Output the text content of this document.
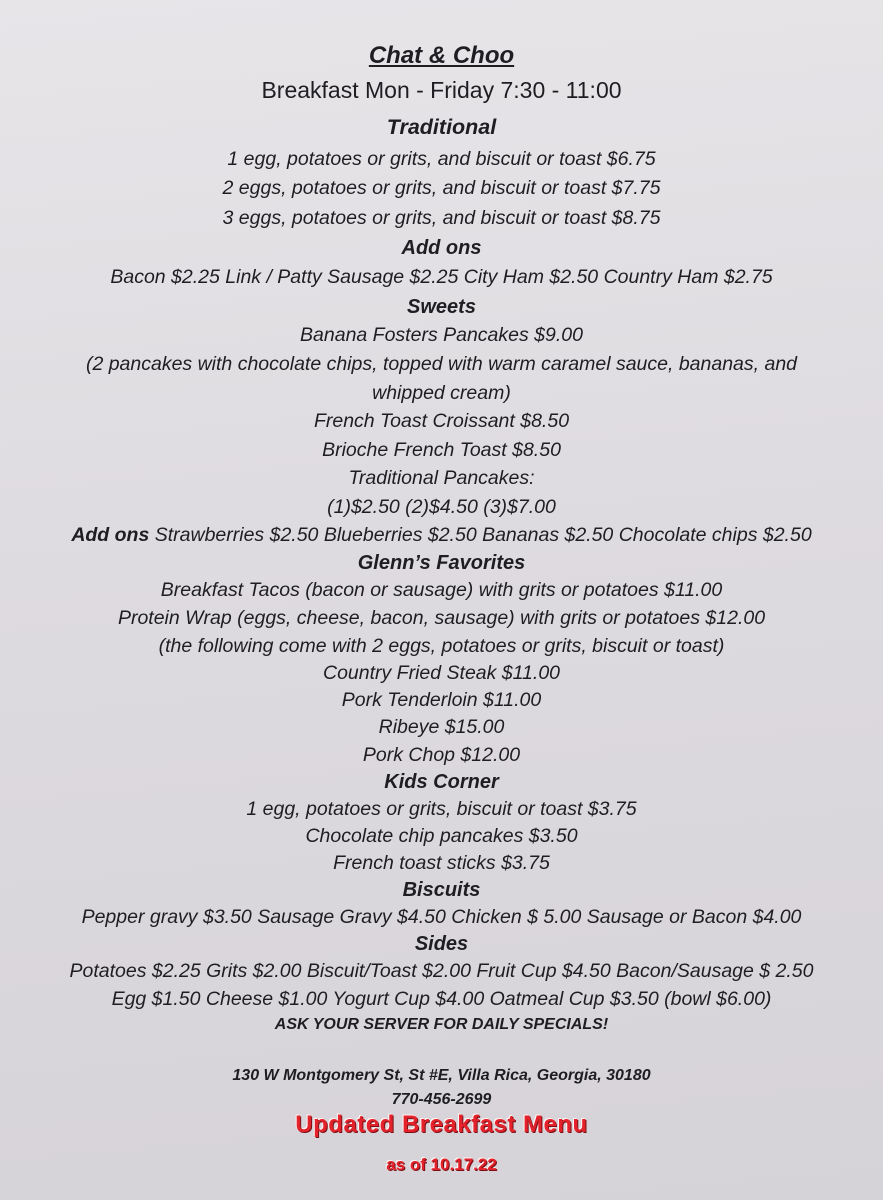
Chat & Choo
Breakfast Mon - Friday 7:30 - 11:00
Traditional
1 egg, potatoes or grits, and biscuit or toast $6.75
2 eggs, potatoes or grits, and biscuit or toast $7.75
3 eggs, potatoes or grits, and biscuit or toast $8.75
Add ons
Bacon $2.25 Link / Patty Sausage $2.25 City Ham $2.50 Country Ham $2.75
Sweets
Banana Fosters Pancakes $9.00
(2 pancakes with chocolate chips, topped with warm caramel sauce, bananas, and
whipped cream)
French Toast Croissant $8.50
Brioche French Toast $8.50
Traditional Pancakes:
(1)$2.50 (2)$4.50 (3)$7.00
Add ons Strawberries $2.50 Blueberries $2.50 Bananas $2.50 Chocolate chips $2.50
Glenn’s Favorites
Breakfast Tacos (bacon or sausage) with grits or potatoes $11.00
Protein Wrap (eggs, cheese, bacon, sausage) with grits or potatoes $12.00
(the following come with 2 eggs, potatoes or grits, biscuit or toast)
Country Fried Steak $11.00
Pork Tenderloin $11.00
Ribeye $15.00
Pork Chop $12.00
Kids Corner
1 egg, potatoes or grits, biscuit or toast $3.75
Chocolate chip pancakes $3.50
French toast sticks $3.75
Biscuits
Pepper gravy $3.50 Sausage Gravy $4.50 Chicken $ 5.00 Sausage or Bacon $4.00
Sides
Potatoes $2.25 Grits $2.00 Biscuit/Toast $2.00 Fruit Cup $4.50 Bacon/Sausage $ 2.50
Egg $1.50 Cheese $1.00 Yogurt Cup $4.00 Oatmeal Cup $3.50 (bowl $6.00)
ASK YOUR SERVER FOR DAILY SPECIALS!
130 W Montgomery St, St #E, Villa Rica, Georgia, 30180
770-456-2699
Updated Breakfast Menu
as of 10.17.22
